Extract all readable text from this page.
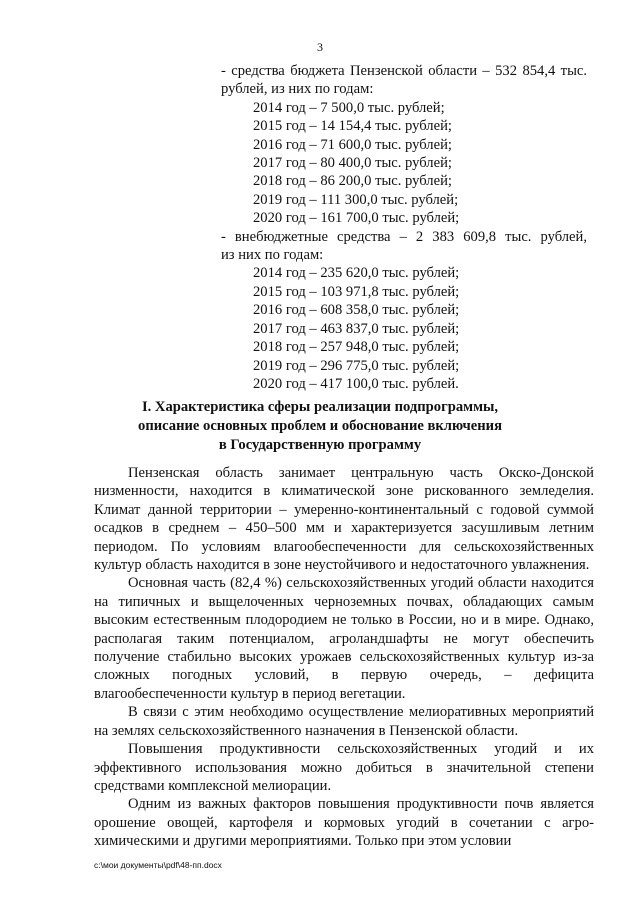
3
- средства бюджета Пензенской области – 532 854,4 тыс.
рублей, из них по годам:
2014 год – 7 500,0 тыс. рублей;
2015 год – 14 154,4 тыс. рублей;
2016 год – 71 600,0 тыс. рублей;
2017 год – 80 400,0 тыс. рублей;
2018 год – 86 200,0 тыс. рублей;
2019 год – 111 300,0 тыс. рублей;
2020 год – 161 700,0 тыс. рублей;
- внебюджетные средства – 2 383 609,8 тыс. рублей,
из них по годам:
2014 год – 235 620,0 тыс. рублей;
2015 год – 103 971,8 тыс. рублей;
2016 год – 608 358,0 тыс. рублей;
2017 год – 463 837,0 тыс. рублей;
2018 год – 257 948,0 тыс. рублей;
2019 год – 296 775,0 тыс. рублей;
2020 год – 417 100,0 тыс. рублей.
I. Характеристика сферы реализации подпрограммы,
описание основных проблем и обоснование включения
в Государственную программу

Пензенская область занимает центральную часть Окско-Донской низменности, находится в климатической зоне рискованного земледелия. Климат данной территории – умеренно-континентальный с годовой суммой осадков в среднем – 450–500 мм и характеризуется засушливым летним периодом. По условиям влагообеспеченности для сельскохозяйственных культур область находится в зоне неустойчивого и недостаточного увлажнения.

Основная часть (82,4 %) сельскохозяйственных угодий области находится на типичных и выщелоченных черноземных почвах, обладающих самым высоким естественным плодородием не только в России, но и в мире. Однако, располагая таким потенциалом, агроландшафты не могут обеспечить получение стабильно высоких урожаев сельскохозяйственных культур из-за сложных погодных условий, в первую очередь, – дефицита влагообеспеченности культур в период вегетации.

В связи с этим необходимо осуществление мелиоративных мероприятий на землях сельскохозяйственного назначения в Пензенской области.

Повышения продуктивности сельскохозяйственных угодий и их эффективного использования можно добиться в значительной степени средствами комплексной мелиорации.

Одним из важных факторов повышения продуктивности почв является орошение овощей, картофеля и кормовых угодий в сочетании с агро-химическими и другими мероприятиями. Только при этом условии

c:\мои документы\pdf\48-пп.docx
